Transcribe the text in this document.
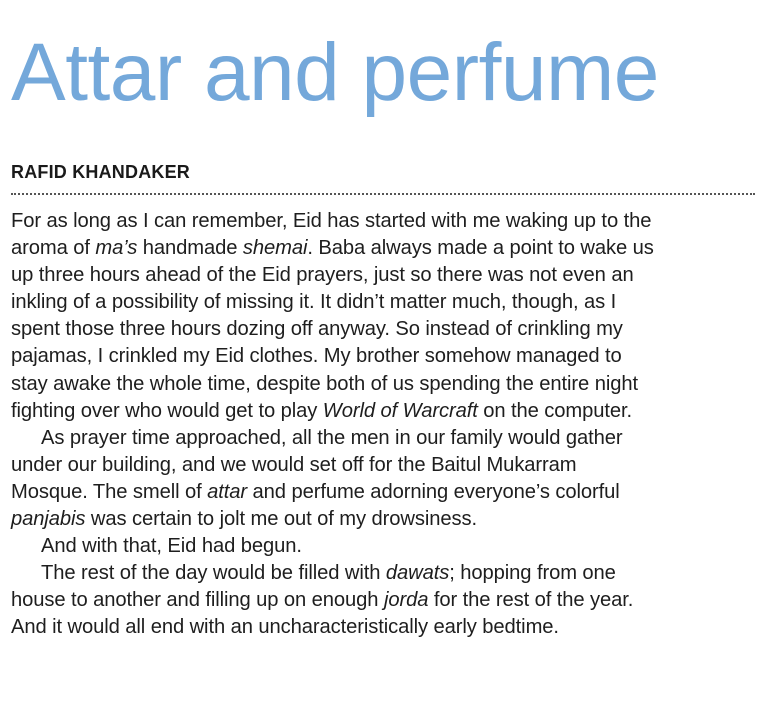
Attar and perfume
RAFID KHANDAKER
For as long as I can remember, Eid has started with me waking up to the
aroma of ma’s handmade shemai. Baba always made a point to wake us
up three hours ahead of the Eid prayers, just so there was not even an
inkling of a possibility of missing it. It didn’t matter much, though, as I
spent those three hours dozing off anyway. So instead of crinkling my
pajamas, I crinkled my Eid clothes. My brother somehow managed to
stay awake the whole time, despite both of us spending the entire night
fighting over who would get to play World of Warcraft on the computer.
As prayer time approached, all the men in our family would gather
under our building, and we would set off for the Baitul Mukarram
Mosque. The smell of attar and perfume adorning everyone’s colorful
panjabis was certain to jolt me out of my drowsiness.
And with that, Eid had begun.
The rest of the day would be filled with dawats; hopping from one
house to another and filling up on enough jorda for the rest of the year.
And it would all end with an uncharacteristically early bedtime.
